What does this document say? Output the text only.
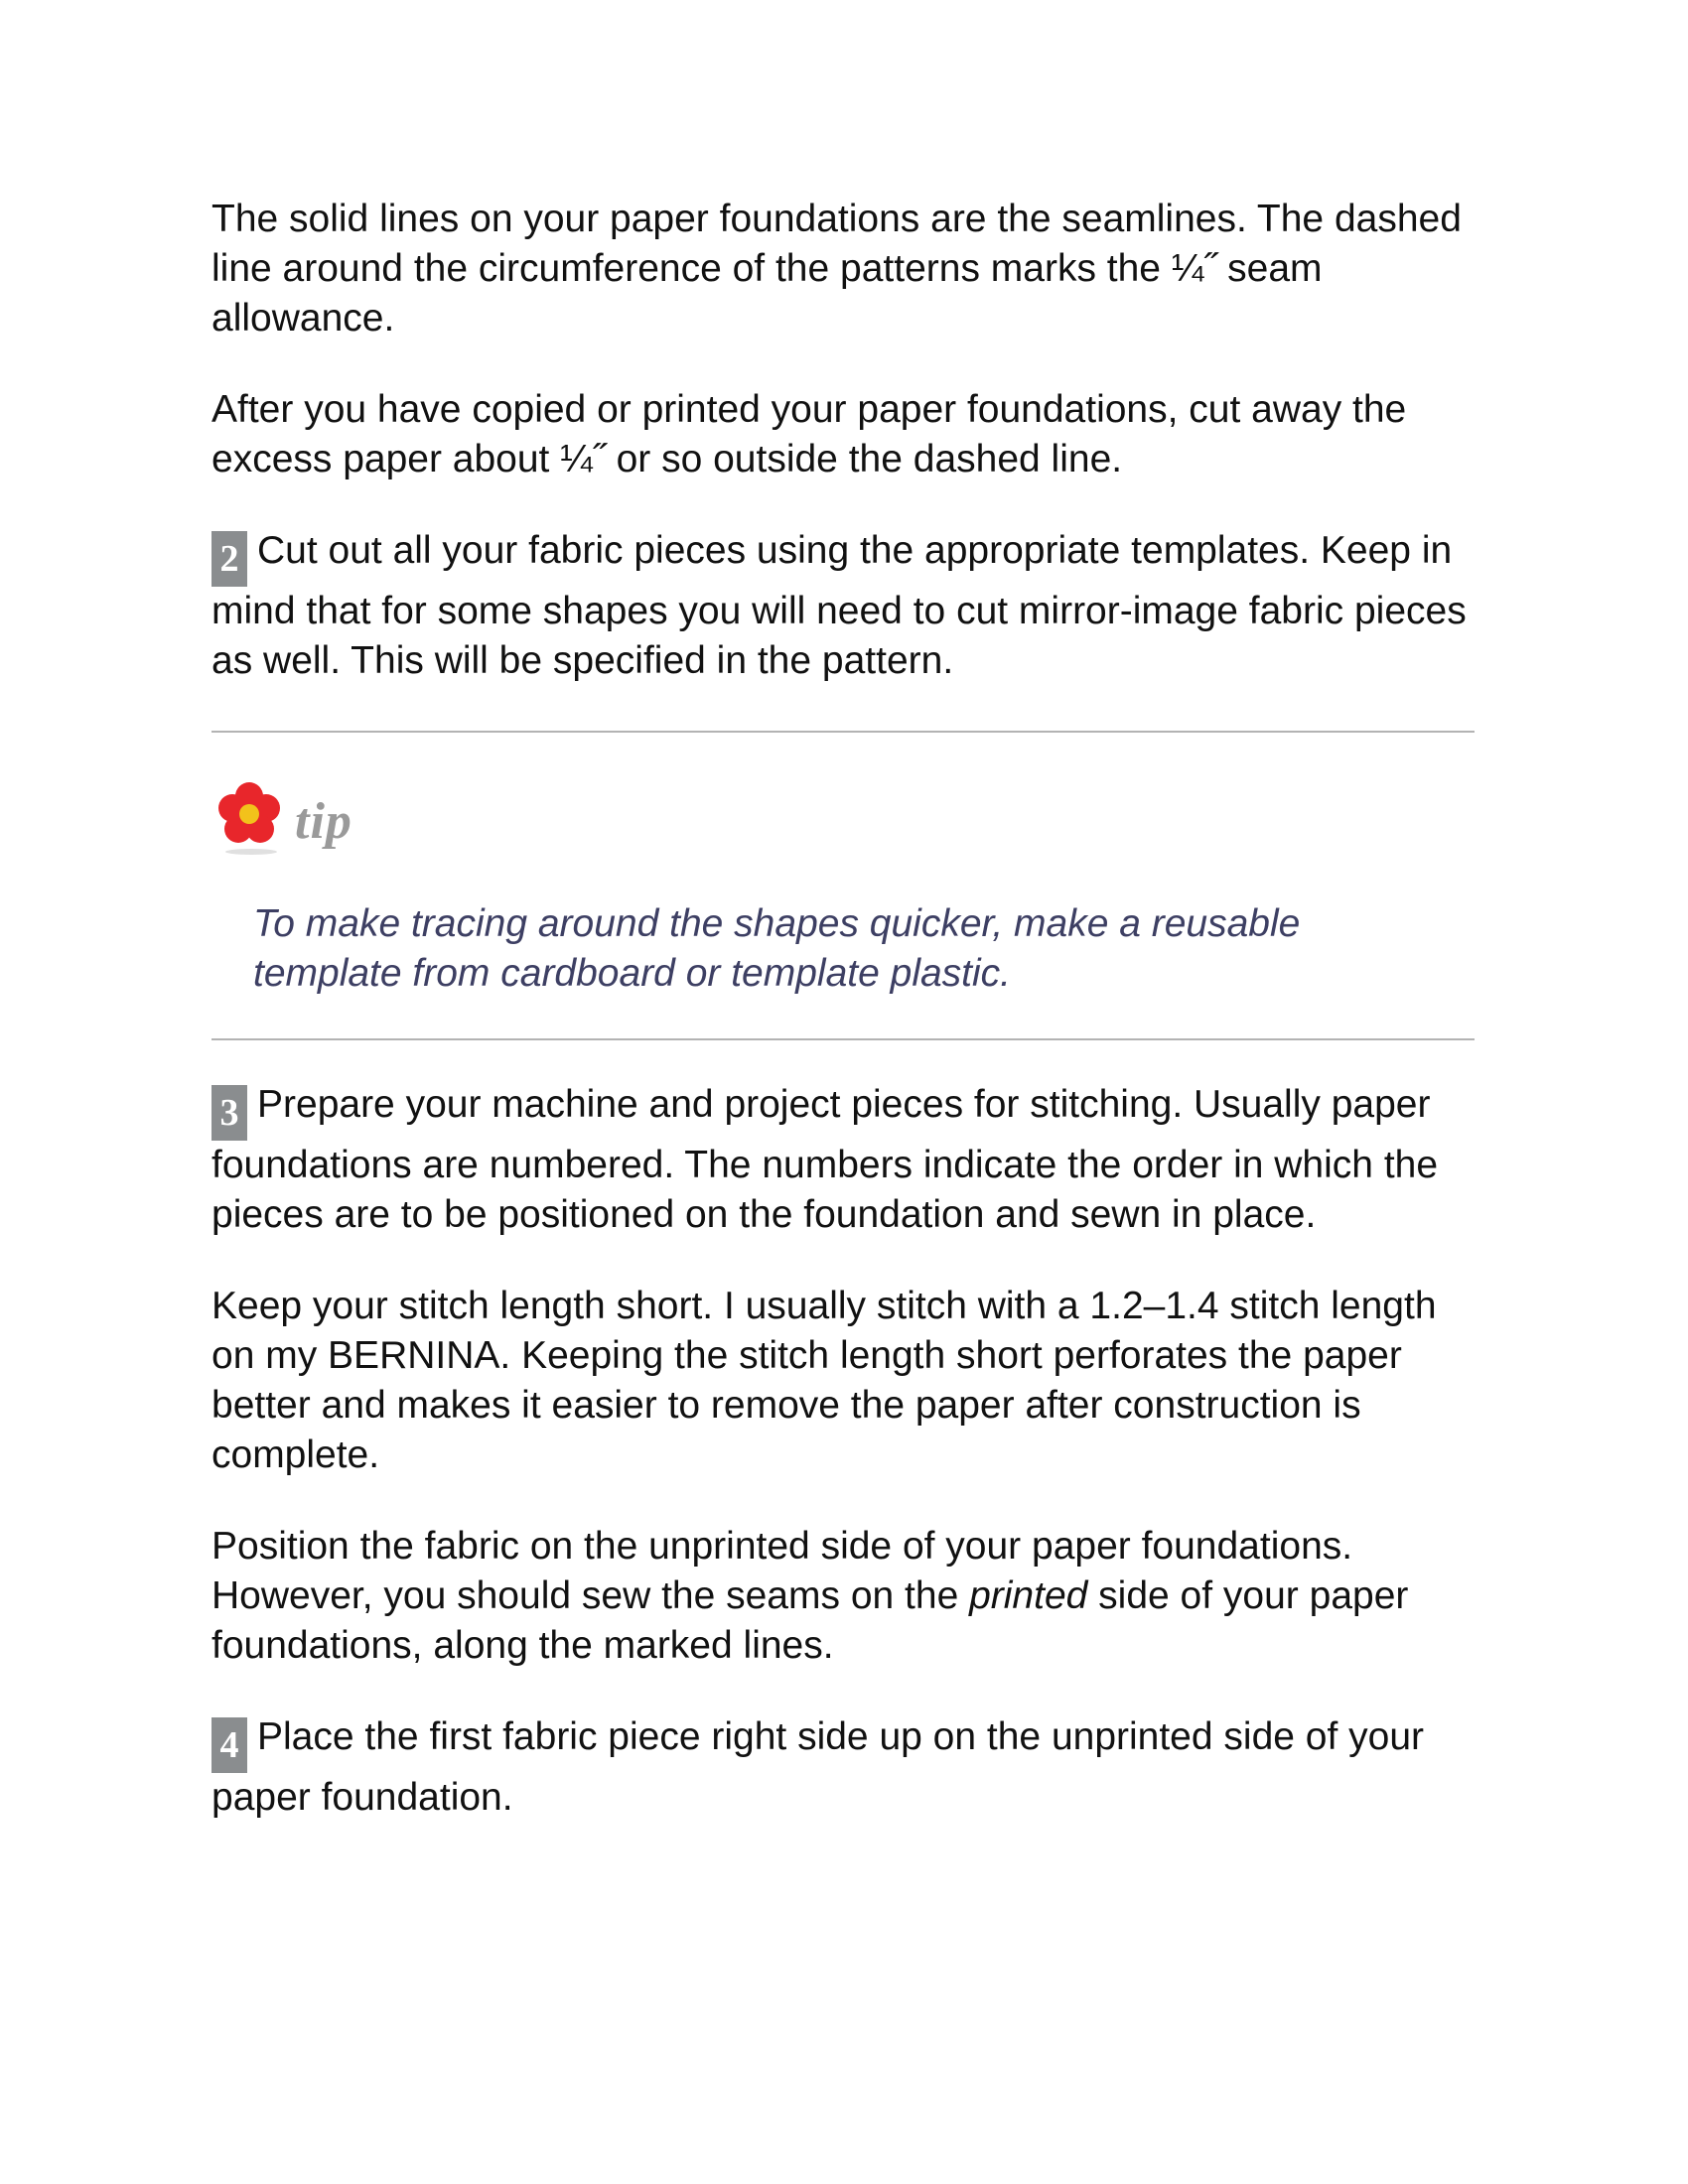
The solid lines on your paper foundations are the seamlines. The dashed line around the circumference of the patterns marks the ¼˝ seam allowance.

After you have copied or printed your paper foundations, cut away the excess paper about ¼˝ or so outside the dashed line.

2 Cut out all your fabric pieces using the appropriate templates. Keep in mind that for some shapes you will need to cut mirror-image fabric pieces as well. This will be specified in the pattern.

tip

To make tracing around the shapes quicker, make a reusable template from cardboard or template plastic.

3 Prepare your machine and project pieces for stitching. Usually paper foundations are numbered. The numbers indicate the order in which the pieces are to be positioned on the foundation and sewn in place.

Keep your stitch length short. I usually stitch with a 1.2–1.4 stitch length on my BERNINA. Keeping the stitch length short perforates the paper better and makes it easier to remove the paper after construction is complete.

Position the fabric on the unprinted side of your paper foundations. However, you should sew the seams on the printed side of your paper foundations, along the marked lines.

4 Place the first fabric piece right side up on the unprinted side of your paper foundation.
